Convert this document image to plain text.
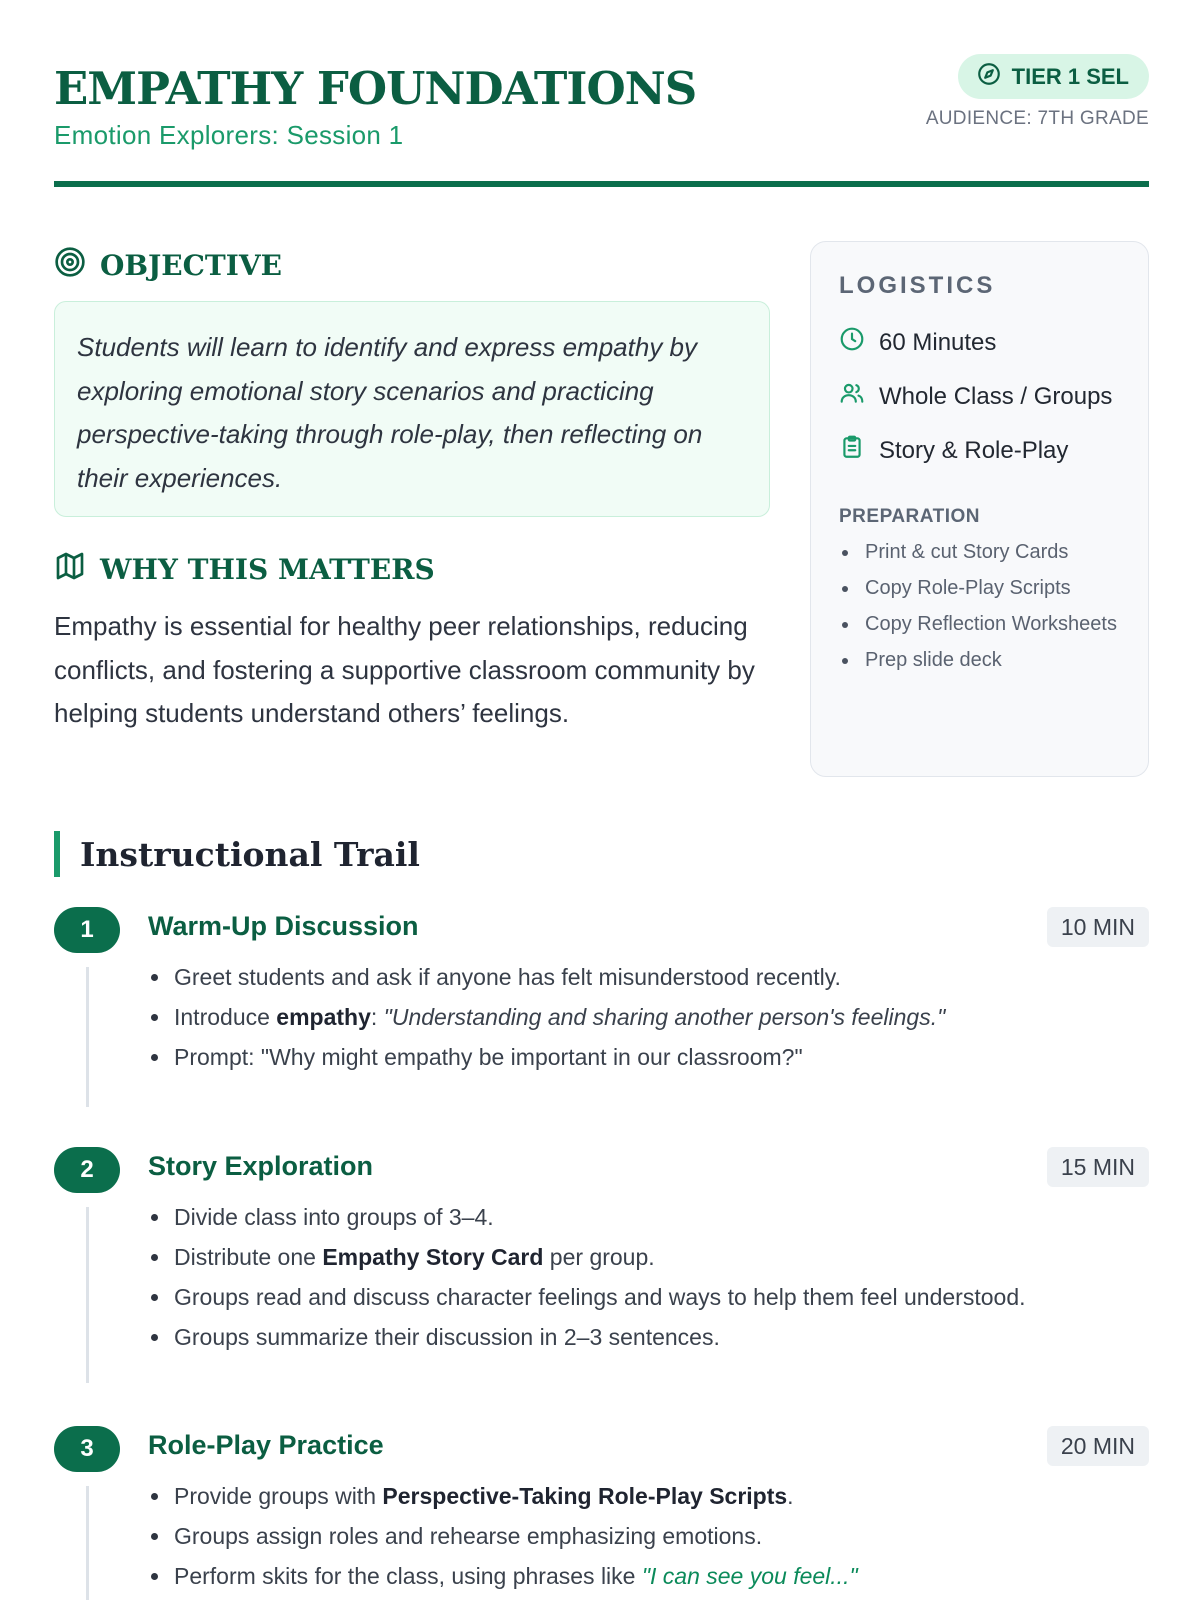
EMPATHY FOUNDATIONS
Emotion Explorers: Session 1
TIER 1 SEL
AUDIENCE: 7TH GRADE
OBJECTIVE

Students will learn to identify and express empathy by exploring emotional story scenarios and practicing perspective-taking through role-play, then reflecting on their experiences.

WHY THIS MATTERS

Empathy is essential for healthy peer relationships, reducing conflicts, and fostering a supportive classroom community by helping students understand others’ feelings.

LOGISTICS
60 Minutes
Whole Class / Groups
Story & Role-Play
PREPARATION
Print & cut Story Cards
Copy Role-Play Scripts
Copy Reflection Worksheets
Prep slide deck
Instructional Trail
1	Warm-Up Discussion	10 MIN
Greet students and ask if anyone has felt misunderstood recently.
Introduce empathy: "Understanding and sharing another person's feelings."
Prompt: "Why might empathy be important in our classroom?"
2	Story Exploration	15 MIN
Divide class into groups of 3–4.
Distribute one Empathy Story Card per group.
Groups read and discuss character feelings and ways to help them feel understood.
Groups summarize their discussion in 2–3 sentences.
3	Role-Play Practice	20 MIN
Provide groups with Perspective-Taking Role-Play Scripts.
Groups assign roles and rehearse emphasizing emotions.
Perform skits for the class, using phrases like "I can see you feel..."
